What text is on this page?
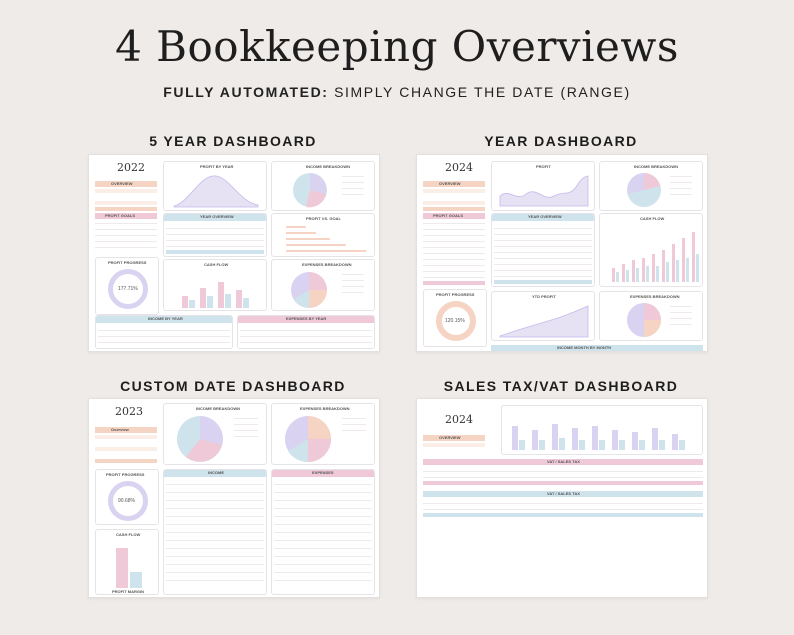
4 Bookkeeping Overviews
FULLY AUTOMATED: SIMPLY CHANGE THE DATE (RANGE)
5 YEAR DASHBOARD
2022
OVERVIEW
PROFIT GOALS
PROFIT PROGRESS
177.71%
PROFIT BY YEAR	INCOME BREAKDOWN
YEAR OVERVIEW	PROFIT VS. GOAL
CASH FLOW	EXPENSES BREAKDOWN
INCOME BY YEAR	EXPENSES BY YEAR
YEAR DASHBOARD
2024
OVERVIEW
PROFIT GOALS
PROFIT PROGRESS
120.15%
PROFIT	INCOME BREAKDOWN
YEAR OVERVIEW	CASH FLOW
YTD PROFIT	EXPENSES BREAKDOWN
INCOME MONTH BY MONTH
CUSTOM DATE DASHBOARD
2023
Overview
PROFIT PROGRESS
90.68%
CASH FLOW
PROFIT MARGIN
INCOME BREAKDOWN	EXPENSES BREAKDOWN
INCOME	EXPENSES
SALES TAX/VAT DASHBOARD
2024
OVERVIEW
VAT / SALES TAX
VAT / SALES TAX
